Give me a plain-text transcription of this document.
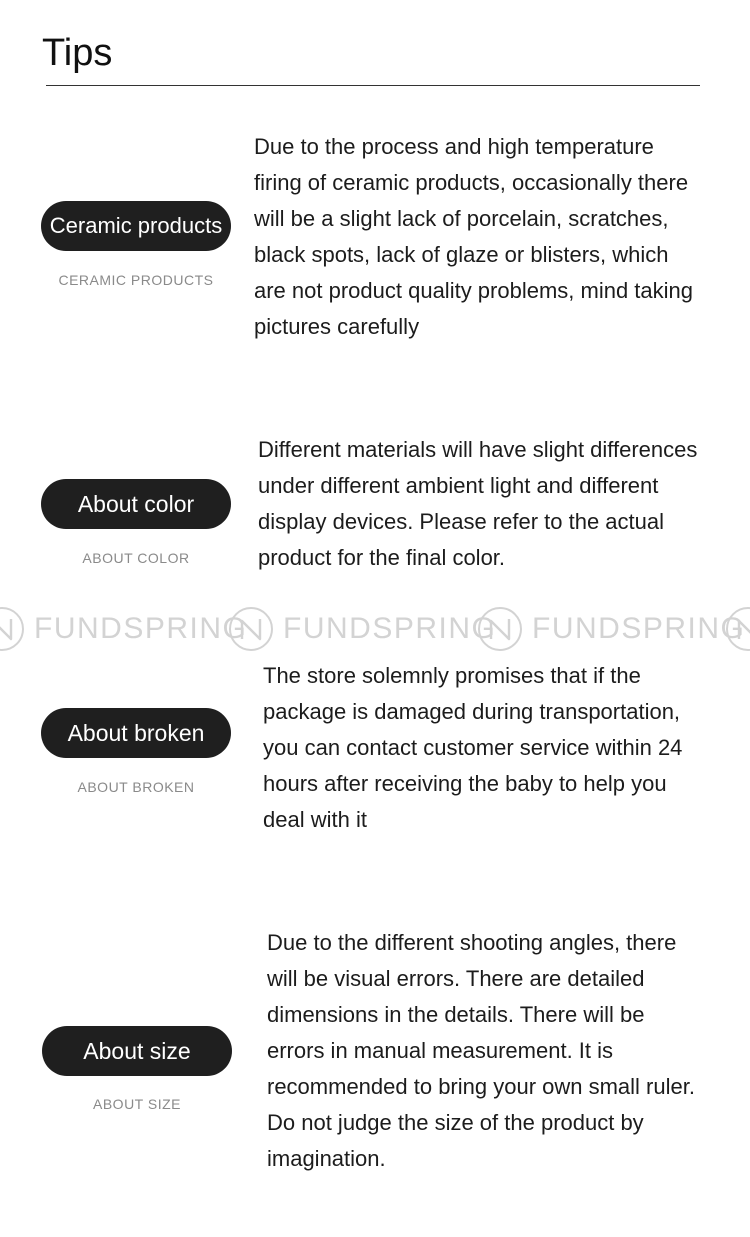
Tips
Ceramic products
CERAMIC PRODUCTS
Due to the process and high temperature
firing of ceramic products, occasionally there
will be a slight lack of porcelain, scratches,
black spots, lack of glaze or blisters, which
are not product quality problems, mind taking
pictures carefully
About color
ABOUT COLOR
Different materials will have slight differences
under different ambient light and different
display devices. Please refer to the actual
product for the final color.
FUNDSPRING FUNDSPRING FUNDSPRING
About broken
ABOUT BROKEN
The store solemnly promises that if the
package is damaged during transportation,
you can contact customer service within 24
hours after receiving the baby to help you
deal with it
About size
ABOUT SIZE
Due to the different shooting angles, there
will be visual errors. There are detailed
dimensions in the details. There will be
errors in manual measurement. It is
recommended to bring your own small ruler.
Do not judge the size of the product by
imagination.
